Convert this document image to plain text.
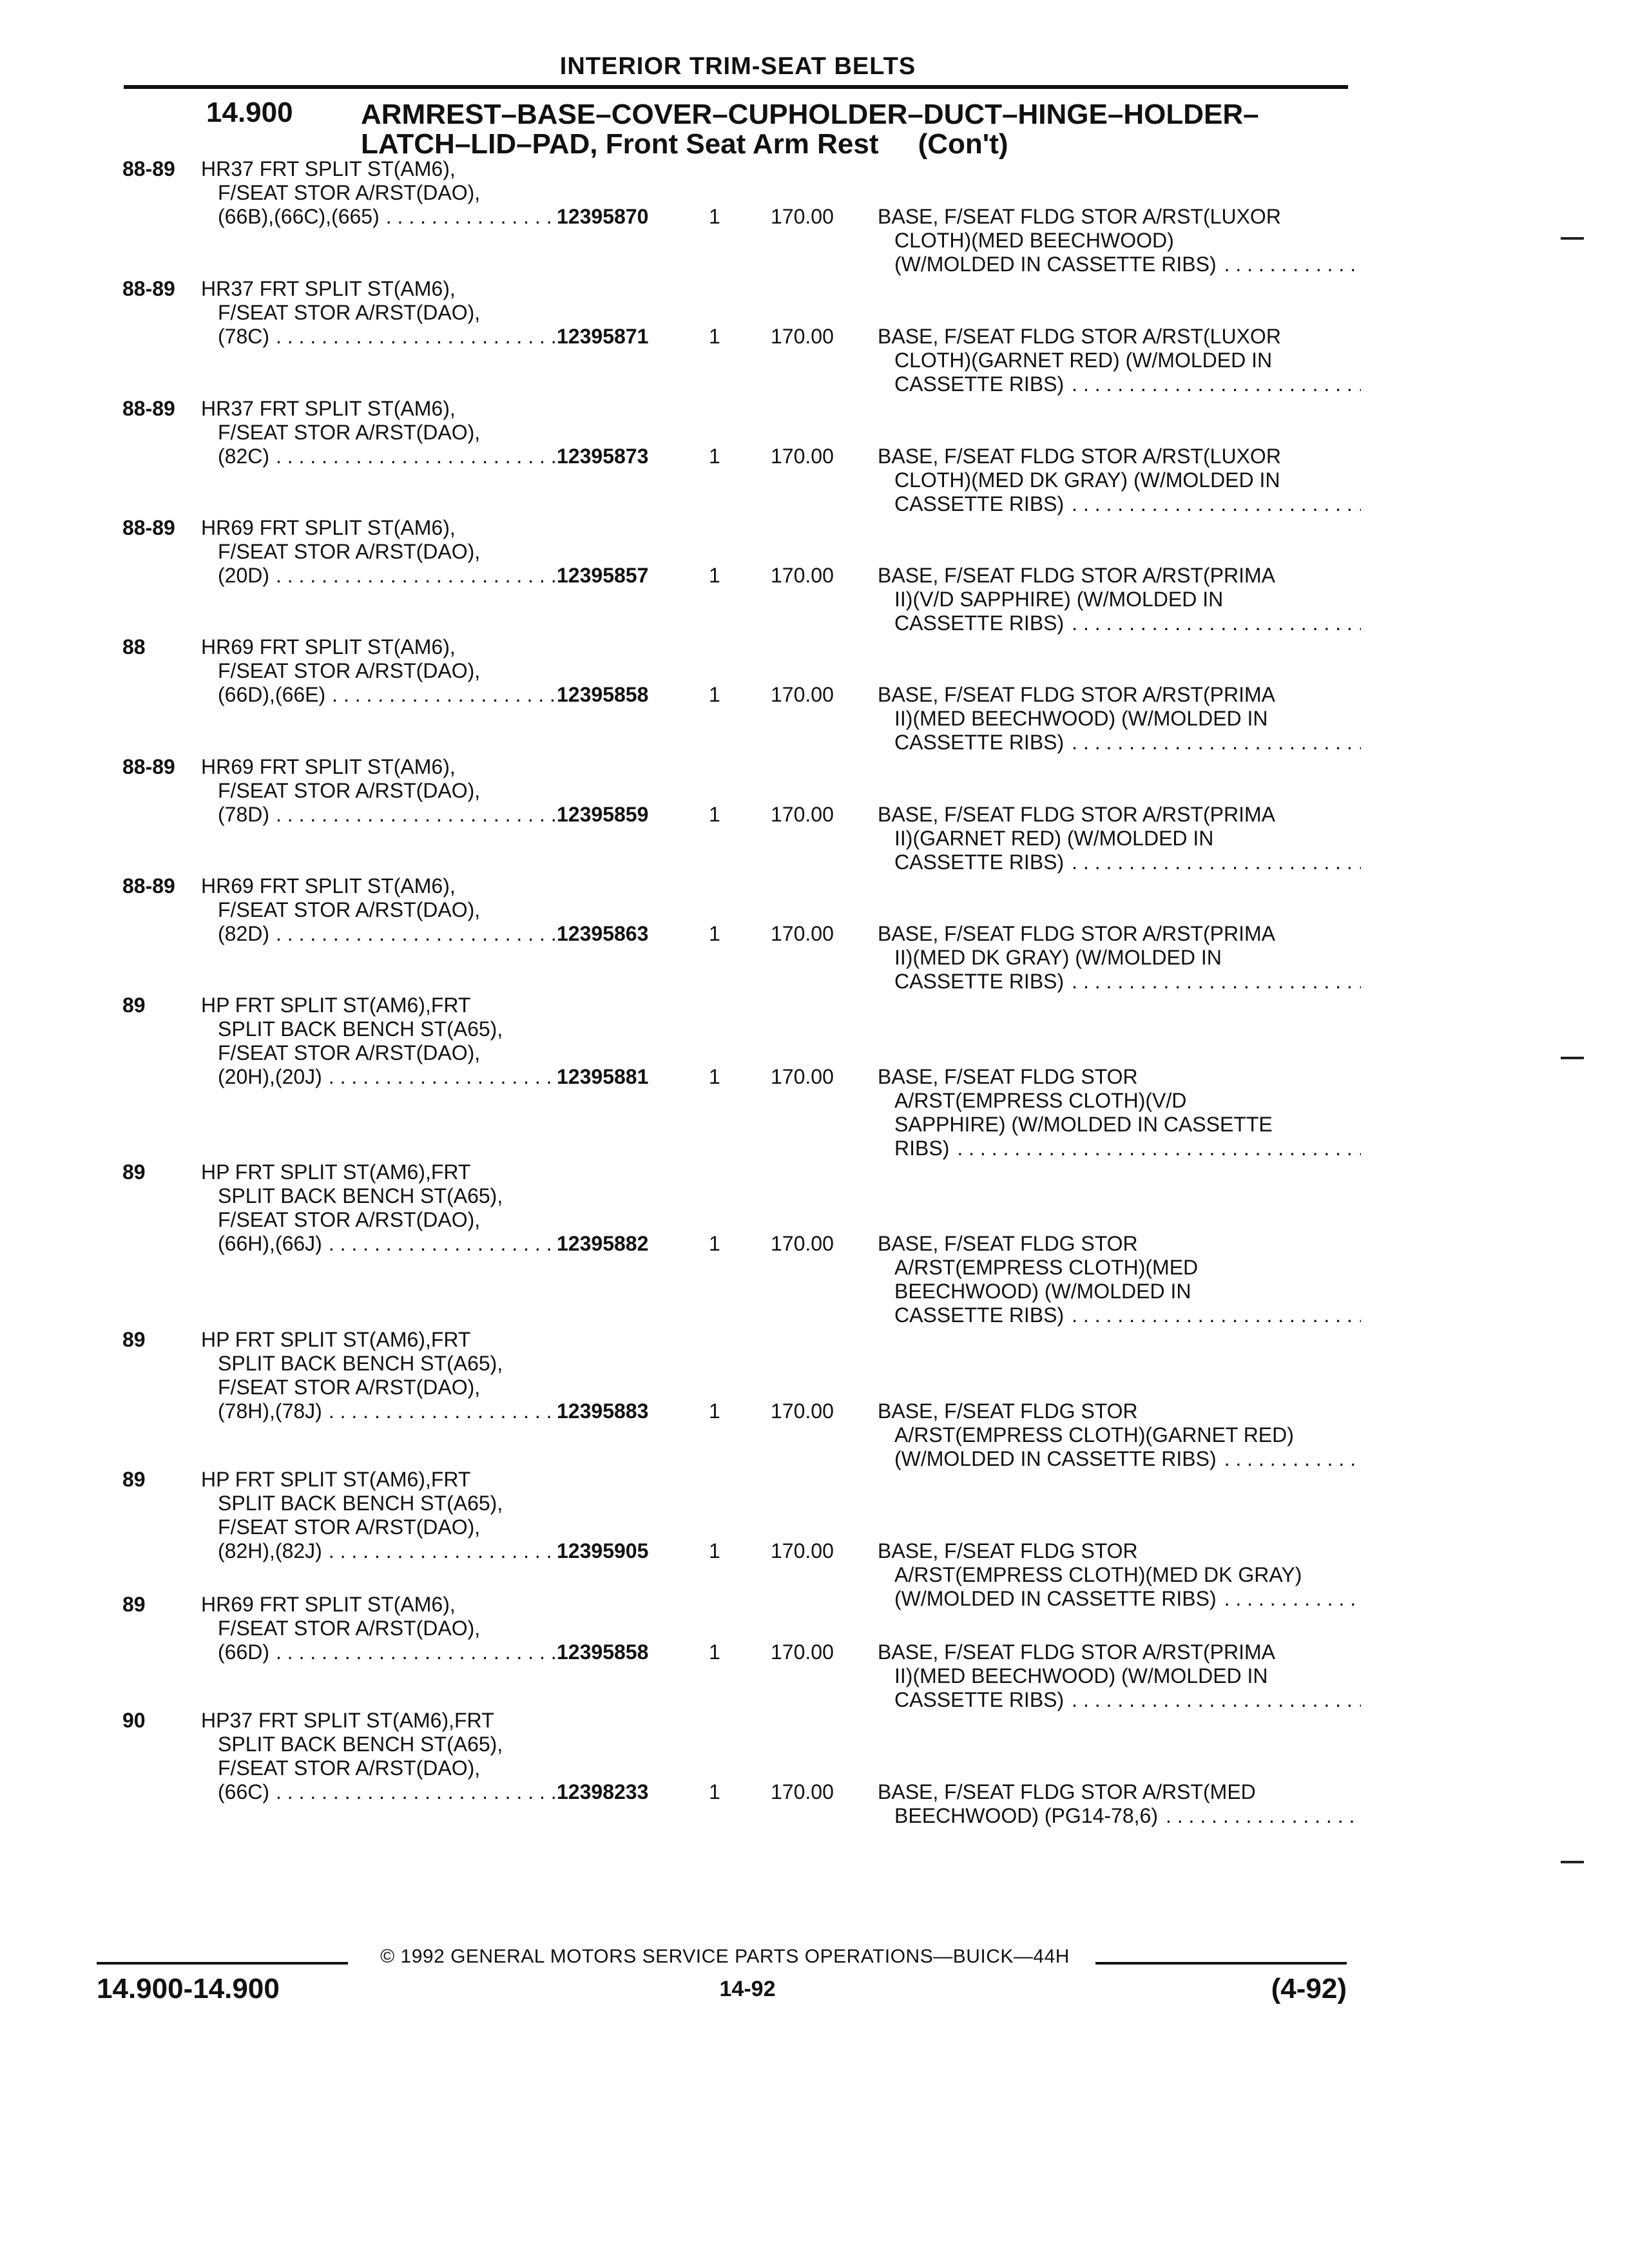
INTERIOR TRIM-SEAT BELTS
14.900 ARMREST–BASE–COVER–CUPHOLDER–DUCT–HINGE–HOLDER–
LATCH–LID–PAD, Front Seat Arm Rest     (Con't)
88-89 HR37 FRT SPLIT ST(AM6),
F/SEAT STOR A/RST(DAO),
(66B),(66C),(665) . . .	12395870	1 170.00 BASE, F/SEAT FLDG STOR A/RST(LUXOR
CLOTH)(MED BEECHWOOD)
(W/MOLDED IN CASSETTE RIBS)
. . .
88-89 HR37 FRT SPLIT ST(AM6),
F/SEAT STOR A/RST(DAO),
(78C) . . .	12395871	1 170.00 BASE, F/SEAT FLDG STOR A/RST(LUXOR
CLOTH)(GARNET RED) (W/MOLDED IN
CASSETTE RIBS)
. . .
88-89 HR37 FRT SPLIT ST(AM6),
F/SEAT STOR A/RST(DAO),
(82C) . . .	12395873	1 170.00 BASE, F/SEAT FLDG STOR A/RST(LUXOR
CLOTH)(MED DK GRAY) (W/MOLDED IN
CASSETTE RIBS)
. . .
88-89 HR69 FRT SPLIT ST(AM6),
F/SEAT STOR A/RST(DAO),
(20D) . . .	12395857	1 170.00 BASE, F/SEAT FLDG STOR A/RST(PRIMA
II)(V/D SAPPHIRE) (W/MOLDED IN
CASSETTE RIBS)
. . .
88	HR69 FRT SPLIT ST(AM6),
F/SEAT STOR A/RST(DAO),
(66D),(66E) . . .	12395858	1 170.00 BASE, F/SEAT FLDG STOR A/RST(PRIMA
II)(MED BEECHWOOD) (W/MOLDED IN
CASSETTE RIBS)
. . .
88-89 HR69 FRT SPLIT ST(AM6),
F/SEAT STOR A/RST(DAO),
(78D) . . .	12395859	1 170.00 BASE, F/SEAT FLDG STOR A/RST(PRIMA
II)(GARNET RED) (W/MOLDED IN
CASSETTE RIBS)
. . .
88-89 HR69 FRT SPLIT ST(AM6),
F/SEAT STOR A/RST(DAO),
(82D) . . .	12395863	1 170.00 BASE, F/SEAT FLDG STOR A/RST(PRIMA
II)(MED DK GRAY) (W/MOLDED IN
CASSETTE RIBS)
. . .
89	HP FRT SPLIT ST(AM6),FRT
SPLIT BACK BENCH ST(A65),
F/SEAT STOR A/RST(DAO),
(20H),(20J) . . .	12395881	1 170.00 BASE, F/SEAT FLDG STOR
A/RST(EMPRESS CLOTH)(V/D
SAPPHIRE) (W/MOLDED IN CASSETTE
RIBS)
. . .
89	HP FRT SPLIT ST(AM6),FRT
SPLIT BACK BENCH ST(A65),
F/SEAT STOR A/RST(DAO),
(66H),(66J) . . .	12395882	1 170.00 BASE, F/SEAT FLDG STOR
A/RST(EMPRESS CLOTH)(MED
BEECHWOOD) (W/MOLDED IN
CASSETTE RIBS)
. . .
89	HP FRT SPLIT ST(AM6),FRT
SPLIT BACK BENCH ST(A65),
F/SEAT STOR A/RST(DAO),
(78H),(78J) . . .	12395883	1 170.00 BASE, F/SEAT FLDG STOR
A/RST(EMPRESS CLOTH)(GARNET RED)
(W/MOLDED IN CASSETTE RIBS)
. . .
89	HP FRT SPLIT ST(AM6),FRT
SPLIT BACK BENCH ST(A65),
F/SEAT STOR A/RST(DAO),
(82H),(82J) . . .	12395905	1 170.00 BASE, F/SEAT FLDG STOR
A/RST(EMPRESS CLOTH)(MED DK GRAY)
(W/MOLDED IN CASSETTE RIBS)
. . .
89	HR69 FRT SPLIT ST(AM6),
F/SEAT STOR A/RST(DAO),
(66D) . . .	12395858	1 170.00 BASE, F/SEAT FLDG STOR A/RST(PRIMA
II)(MED BEECHWOOD) (W/MOLDED IN
CASSETTE RIBS)
. . .
90	HP37 FRT SPLIT ST(AM6),FRT
SPLIT BACK BENCH ST(A65),
F/SEAT STOR A/RST(DAO),
(66C) . . .	12398233	1 170.00 BASE, F/SEAT FLDG STOR A/RST(MED
BEECHWOOD) (PG14-78,6)
. . .
© 1992 GENERAL MOTORS SERVICE PARTS OPERATIONS—BUICK—44H
14.900-14.900	14-92	(4-92)
